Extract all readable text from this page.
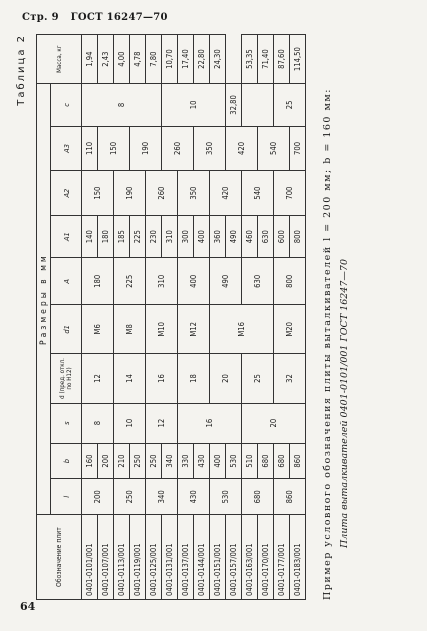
Стр. 9 ГОСТ 16247—70
Таблица 2
Обозначение плит	Размеры в мм										Масса, кг
	l	b	s	d (пред. откл. по Н12)	d1	A	A1	A2	A3	c	
0401-0101/001	200	160	8	12	М6	180	140	150	110	8	1,94
0401-0107/001		200					180		150		2,43
0401-0113/001	250	210	10	14	М8	225	185	190			4,00
0401-0119/001		250					225		190		4,78
0401-0125/001	340	250	12	16	М10	310	230	260			7,80
0401-0131/001		340					310		260	10	10,70
0401-0137/001	430	330	16	18	М12	400	300	350			17,40
0401-0144/001		430					400		350		22,80
0401-0151/001	530	400		20	М16	490	360	420			24,30
0401-0157/001		530					490		420	32,80	
0401-0163/001	680	510	20	25		630	460	540			53,35
0401-0170/001		680					630		540		71,40
0401-0177/001	860	680		32	М20	800	600	700		25	87,60
0401-0183/001		860					800		700		114,50
Пример условного обозначения плиты выталкивателей l = 200 мм; b = 160 мм: Плита выталкивателей 0401-0101/001 ГОСТ 16247—70
64
